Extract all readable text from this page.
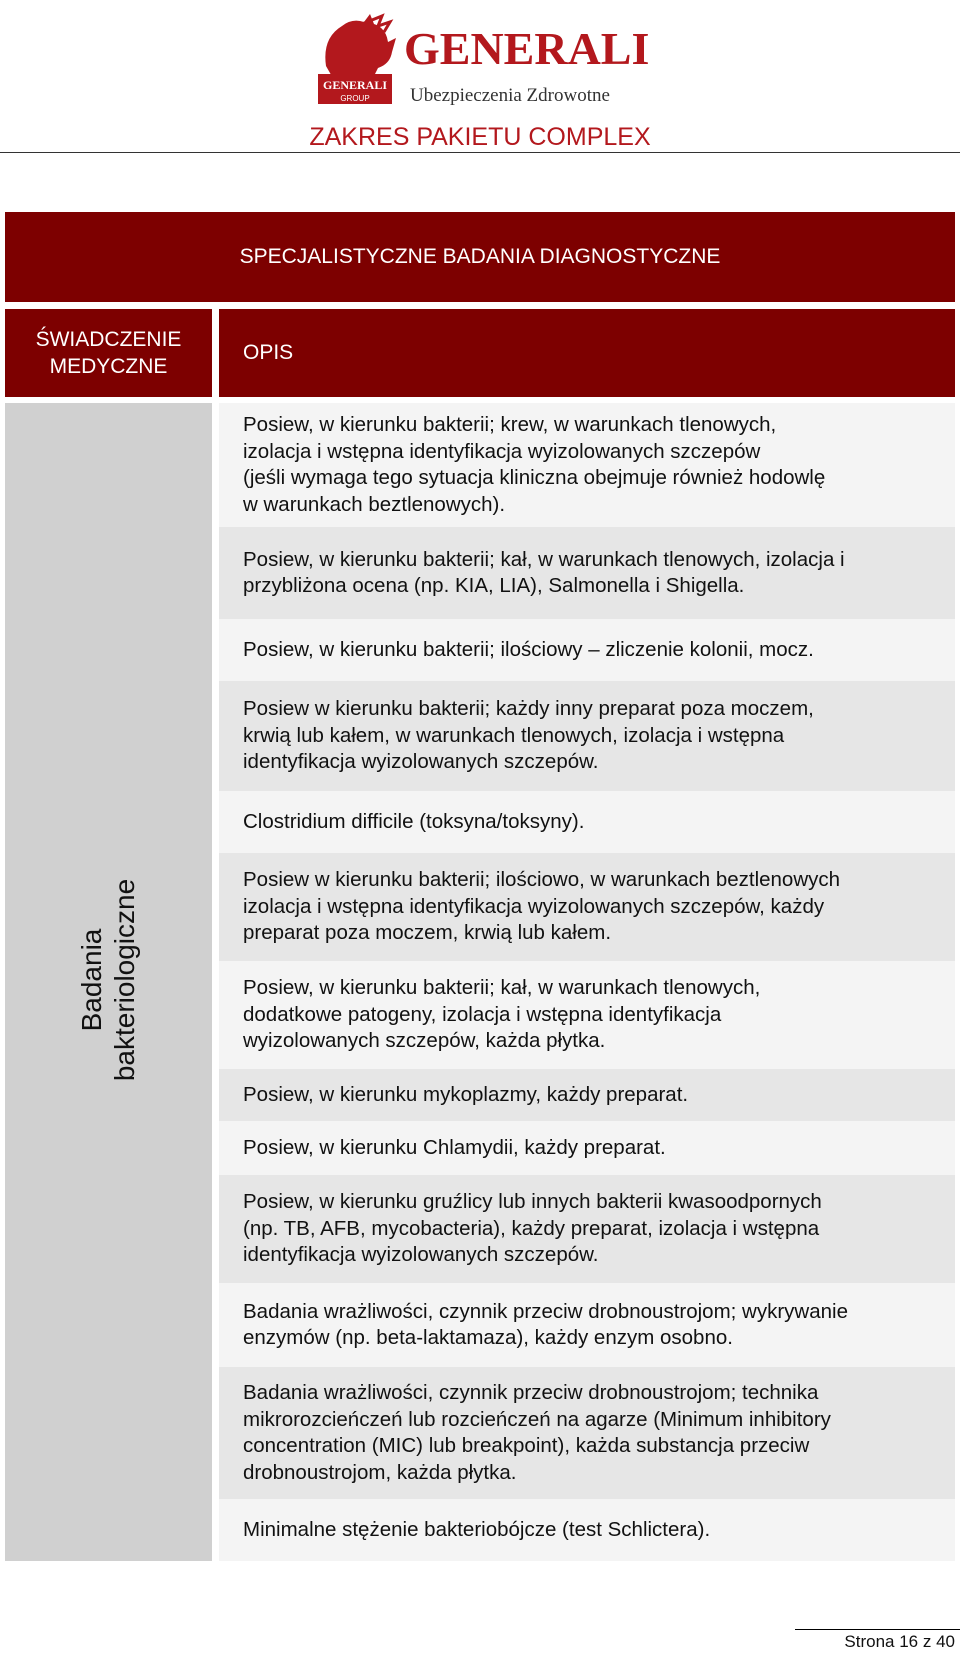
GENERALI
GROUP
GENERALI
Ubezpieczenia Zdrowotne
ZAKRES PAKIETU COMPLEX
SPECJALISTYCZNE BADANIA DIAGNOSTYCZNE
ŚWIADCZENIE
MEDYCZNE
OPIS
Badania
bakteriologiczne
Posiew, w kierunku bakterii; krew, w warunkach tlenowych,
izolacja i wstępna identyfikacja wyizolowanych szczepów
(jeśli wymaga tego sytuacja kliniczna obejmuje również hodowlę
w warunkach beztlenowych).
Posiew, w kierunku bakterii; kał, w warunkach tlenowych, izolacja i
przybliżona ocena (np. KIA, LIA), Salmonella i Shigella.
Posiew, w kierunku bakterii; ilościowy – zliczenie kolonii, mocz.
Posiew w kierunku bakterii; każdy inny preparat poza moczem,
krwią lub kałem, w warunkach tlenowych, izolacja i wstępna
identyfikacja wyizolowanych szczepów.
Clostridium difficile (toksyna/toksyny).
Posiew w kierunku bakterii; ilościowo, w warunkach beztlenowych
izolacja i wstępna identyfikacja wyizolowanych szczepów, każdy
preparat poza moczem, krwią lub kałem.
Posiew, w kierunku bakterii; kał, w warunkach tlenowych,
dodatkowe patogeny, izolacja i wstępna identyfikacja
wyizolowanych szczepów, każda płytka.
Posiew, w kierunku mykoplazmy, każdy preparat.
Posiew, w kierunku Chlamydii, każdy preparat.
Posiew, w kierunku gruźlicy lub innych bakterii kwasoodpornych
(np. TB, AFB, mycobacteria), każdy preparat, izolacja i wstępna
identyfikacja wyizolowanych szczepów.
Badania wrażliwości, czynnik przeciw drobnoustrojom; wykrywanie
enzymów (np. beta-laktamaza), każdy enzym osobno.
Badania wrażliwości, czynnik przeciw drobnoustrojom; technika
mikrorozcieńczeń lub rozcieńczeń na agarze (Minimum inhibitory
concentration (MIC) lub breakpoint), każda substancja przeciw
drobnoustrojom, każda płytka.
Minimalne stężenie bakteriobójcze (test Schlictera).
Strona 16 z 40
